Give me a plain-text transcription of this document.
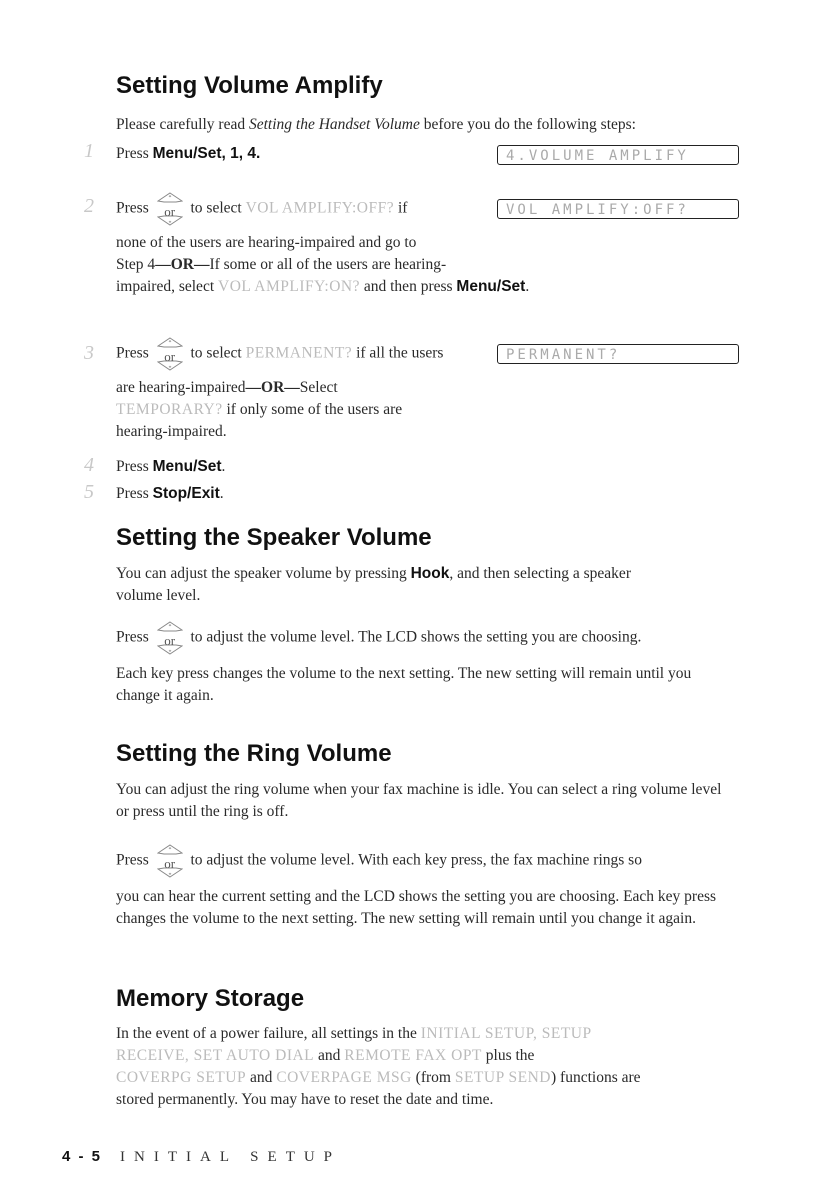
Setting Volume Amplify

Please carefully read Setting the Handset Volume before you do the following steps:

1	Press Menu/Set, 1, 4.	4.VOLUME AMPLIFY
2	Press	or to select VOL AMPLIFY:OFF? if	VOL AMPLIFY:OFF?

none of the users are hearing-impaired and go to

Step 4—OR—If some or all of the users are hearing-

impaired, select VOL AMPLIFY:ON? and then press Menu/Set.

3	Press	or to select PERMANENT? if all the users	PERMANENT?

are hearing-impaired—OR—Select

TEMPORARY? if only some of the users are

hearing-impaired.

4	Press Menu/Set.

5	Press Stop/Exit.

Setting the Speaker Volume

You can adjust the speaker volume by pressing Hook, and then selecting a speaker
volume level.

Press	or to adjust the volume level. The LCD shows the setting you are choosing.

Each key press changes the volume to the next setting. The new setting will remain until you change it again.

Setting the Ring Volume

You can adjust the ring volume when your fax machine is idle. You can select a ring volume level or press until the ring is off.

Press	or to adjust the volume level. With each key press, the fax machine rings so

you can hear the current setting and the LCD shows the setting you are choosing. Each key press changes the volume to the next setting. The new setting will remain until you change it again.

Memory Storage

In the event of a power failure, all settings in the INITIAL SETUP, SETUP
RECEIVE, SET AUTO DIAL and REMOTE FAX OPT plus the
COVERPG SETUP and COVERPAGE MSG (from SETUP SEND) functions are
stored permanently. You may have to reset the date and time.

4 - 5 INITIAL SETUP
